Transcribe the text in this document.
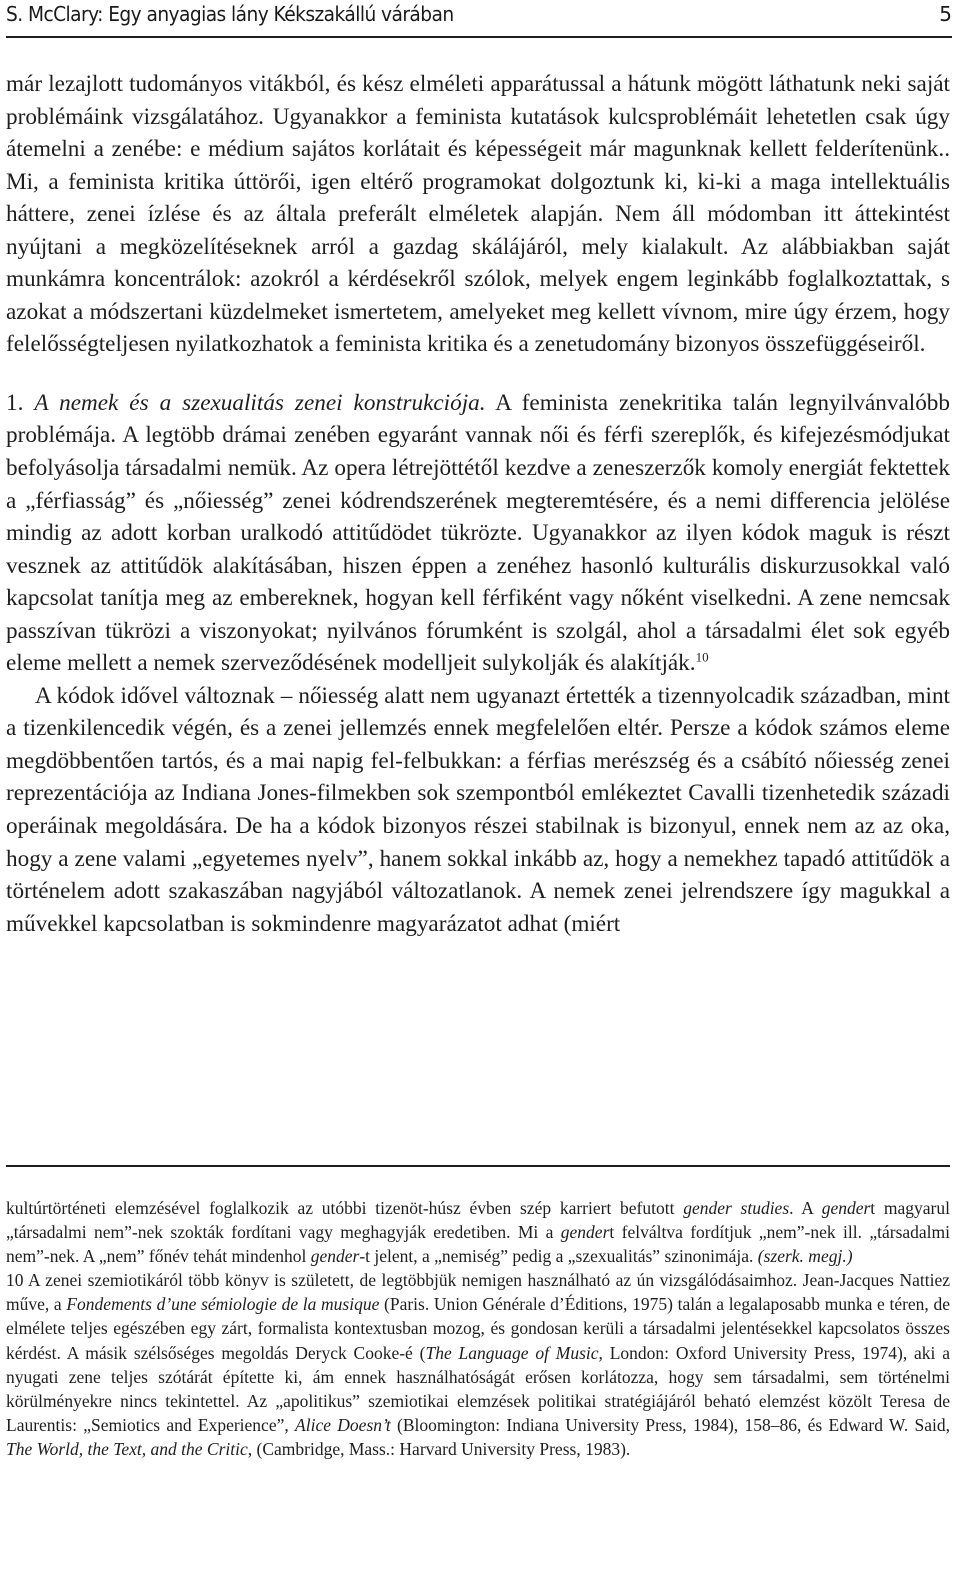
S. McClary: Egy anyagias lány Kékszakállú várában	5

már lezajlott tudományos vitákból, és kész elméleti apparátussal a hátunk mögött láthatunk neki saját problémáink vizsgálatához. Ugyanakkor a feminista kutatások kulcsproblémáit lehetetlen csak úgy átemelni a zenébe: e médium sajátos korlátait és képességeit már magunknak kellett felderítenünk.. Mi, a feminista kritika úttörői, igen eltérő programokat dolgoztunk ki, ki-ki a maga intellektuális háttere, zenei ízlése és az általa preferált elméletek alapján. Nem áll módomban itt áttekintést nyújtani a megközelítéseknek arról a gazdag skálájáról, mely kialakult. Az alábbiakban saját munkámra koncentrálok: azokról a kérdésekről szólok, melyek engem leginkább foglalkoztattak, s azokat a módszertani küzdelmeket ismertetem, amelyeket meg kellett vívnom, mire úgy érzem, hogy felelősségteljesen nyilatkozhatok a feminista kritika és a zenetudomány bizonyos összefüggéseiről.

1. A nemek és a szexualitás zenei konstrukciója. A feminista zenekritika talán legnyilvánvalóbb problémája. A legtöbb drámai zenében egyaránt vannak női és férfi szereplők, és kifejezésmódjukat befolyásolja társadalmi nemük. Az opera létrejöttétől kezdve a zeneszerzők komoly energiát fektettek a „férfiasság” és „nőiesség” zenei kódrendszerének megteremtésére, és a nemi differencia jelölése mindig az adott korban uralkodó attitűdödet tükrözte. Ugyanakkor az ilyen kódok maguk is részt vesznek az attitűdök alakításában, hiszen éppen a zenéhez hasonló kulturális diskurzusokkal való kapcsolat tanítja meg az embereknek, hogyan kell férfiként vagy nőként viselkedni. A zene nemcsak passzívan tükrözi a viszonyokat; nyilvános fórumként is szolgál, ahol a társadalmi élet sok egyéb eleme mellett a nemek szerveződésének modelljeit sulykolják és alakítják.$^{10}$

A kódok idővel változnak – nőiesség alatt nem ugyanazt értették a tizennyolcadik században, mint a tizenkilencedik végén, és a zenei jellemzés ennek megfelelően eltér. Persze a kódok számos eleme megdöbbentően tartós, és a mai napig fel-felbukkan: a férfias merészség és a csábító nőiesség zenei reprezentációja az Indiana Jones-filmekben sok szempontból emlékeztet Cavalli tizenhetedik századi operáinak megoldására. De ha a kódok bizonyos részei stabilnak is bizonyul, ennek nem az az oka, hogy a zene valami „egyetemes nyelv”, hanem sokkal inkább az, hogy a nemekhez tapadó attitűdök a történelem adott szakaszában nagyjából változatlanok. A nemek zenei jelrendszere így magukkal a művekkel kapcsolatban is sokmindenre magyarázatot adhat (miért

kultúrtörténeti elemzésével foglalkozik az utóbbi tizenöt-húsz évben szép karriert befutott gender studies. A gendert magyarul „társadalmi nem”-nek szokták fordítani vagy meghagyják eredetiben. Mi a gendert felváltva fordítjuk „nem”-nek ill. „társadalmi nem”-nek. A „nem” főnév tehát mindenhol gender-t jelent, a „nemiség” pedig a „szexualitás” szinonimája. (szerk. megj.)

10 A zenei szemiotikáról több könyv is született, de legtöbbjük nemigen használható az ún vizsgálódásaimhoz. Jean-Jacques Nattiez műve, a Fondements d’une sémiologie de la musique (Paris. Union Générale d’Éditions, 1975) talán a legalaposabb munka e téren, de elmélete teljes egészében egy zárt, formalista kontextusban mozog, és gondosan kerüli a társadalmi jelentésekkel kapcsolatos összes kérdést. A másik szélsőséges megoldás Deryck Cooke-é (The Language of Music, London: Oxford University Press, 1974), aki a nyugati zene teljes szótárát építette ki, ám ennek használhatóságát erősen korlátozza, hogy sem társadalmi, sem történelmi körülményekre nincs tekintettel. Az „apolitikus” szemiotikai elemzések politikai stratégiájáról beható elemzést közölt Teresa de Laurentis: „Semiotics and Experience”, Alice Doesn’t (Bloomington: Indiana University Press, 1984), 158–86, és Edward W. Said, The World, the Text, and the Critic, (Cambridge, Mass.: Harvard University Press, 1983).
